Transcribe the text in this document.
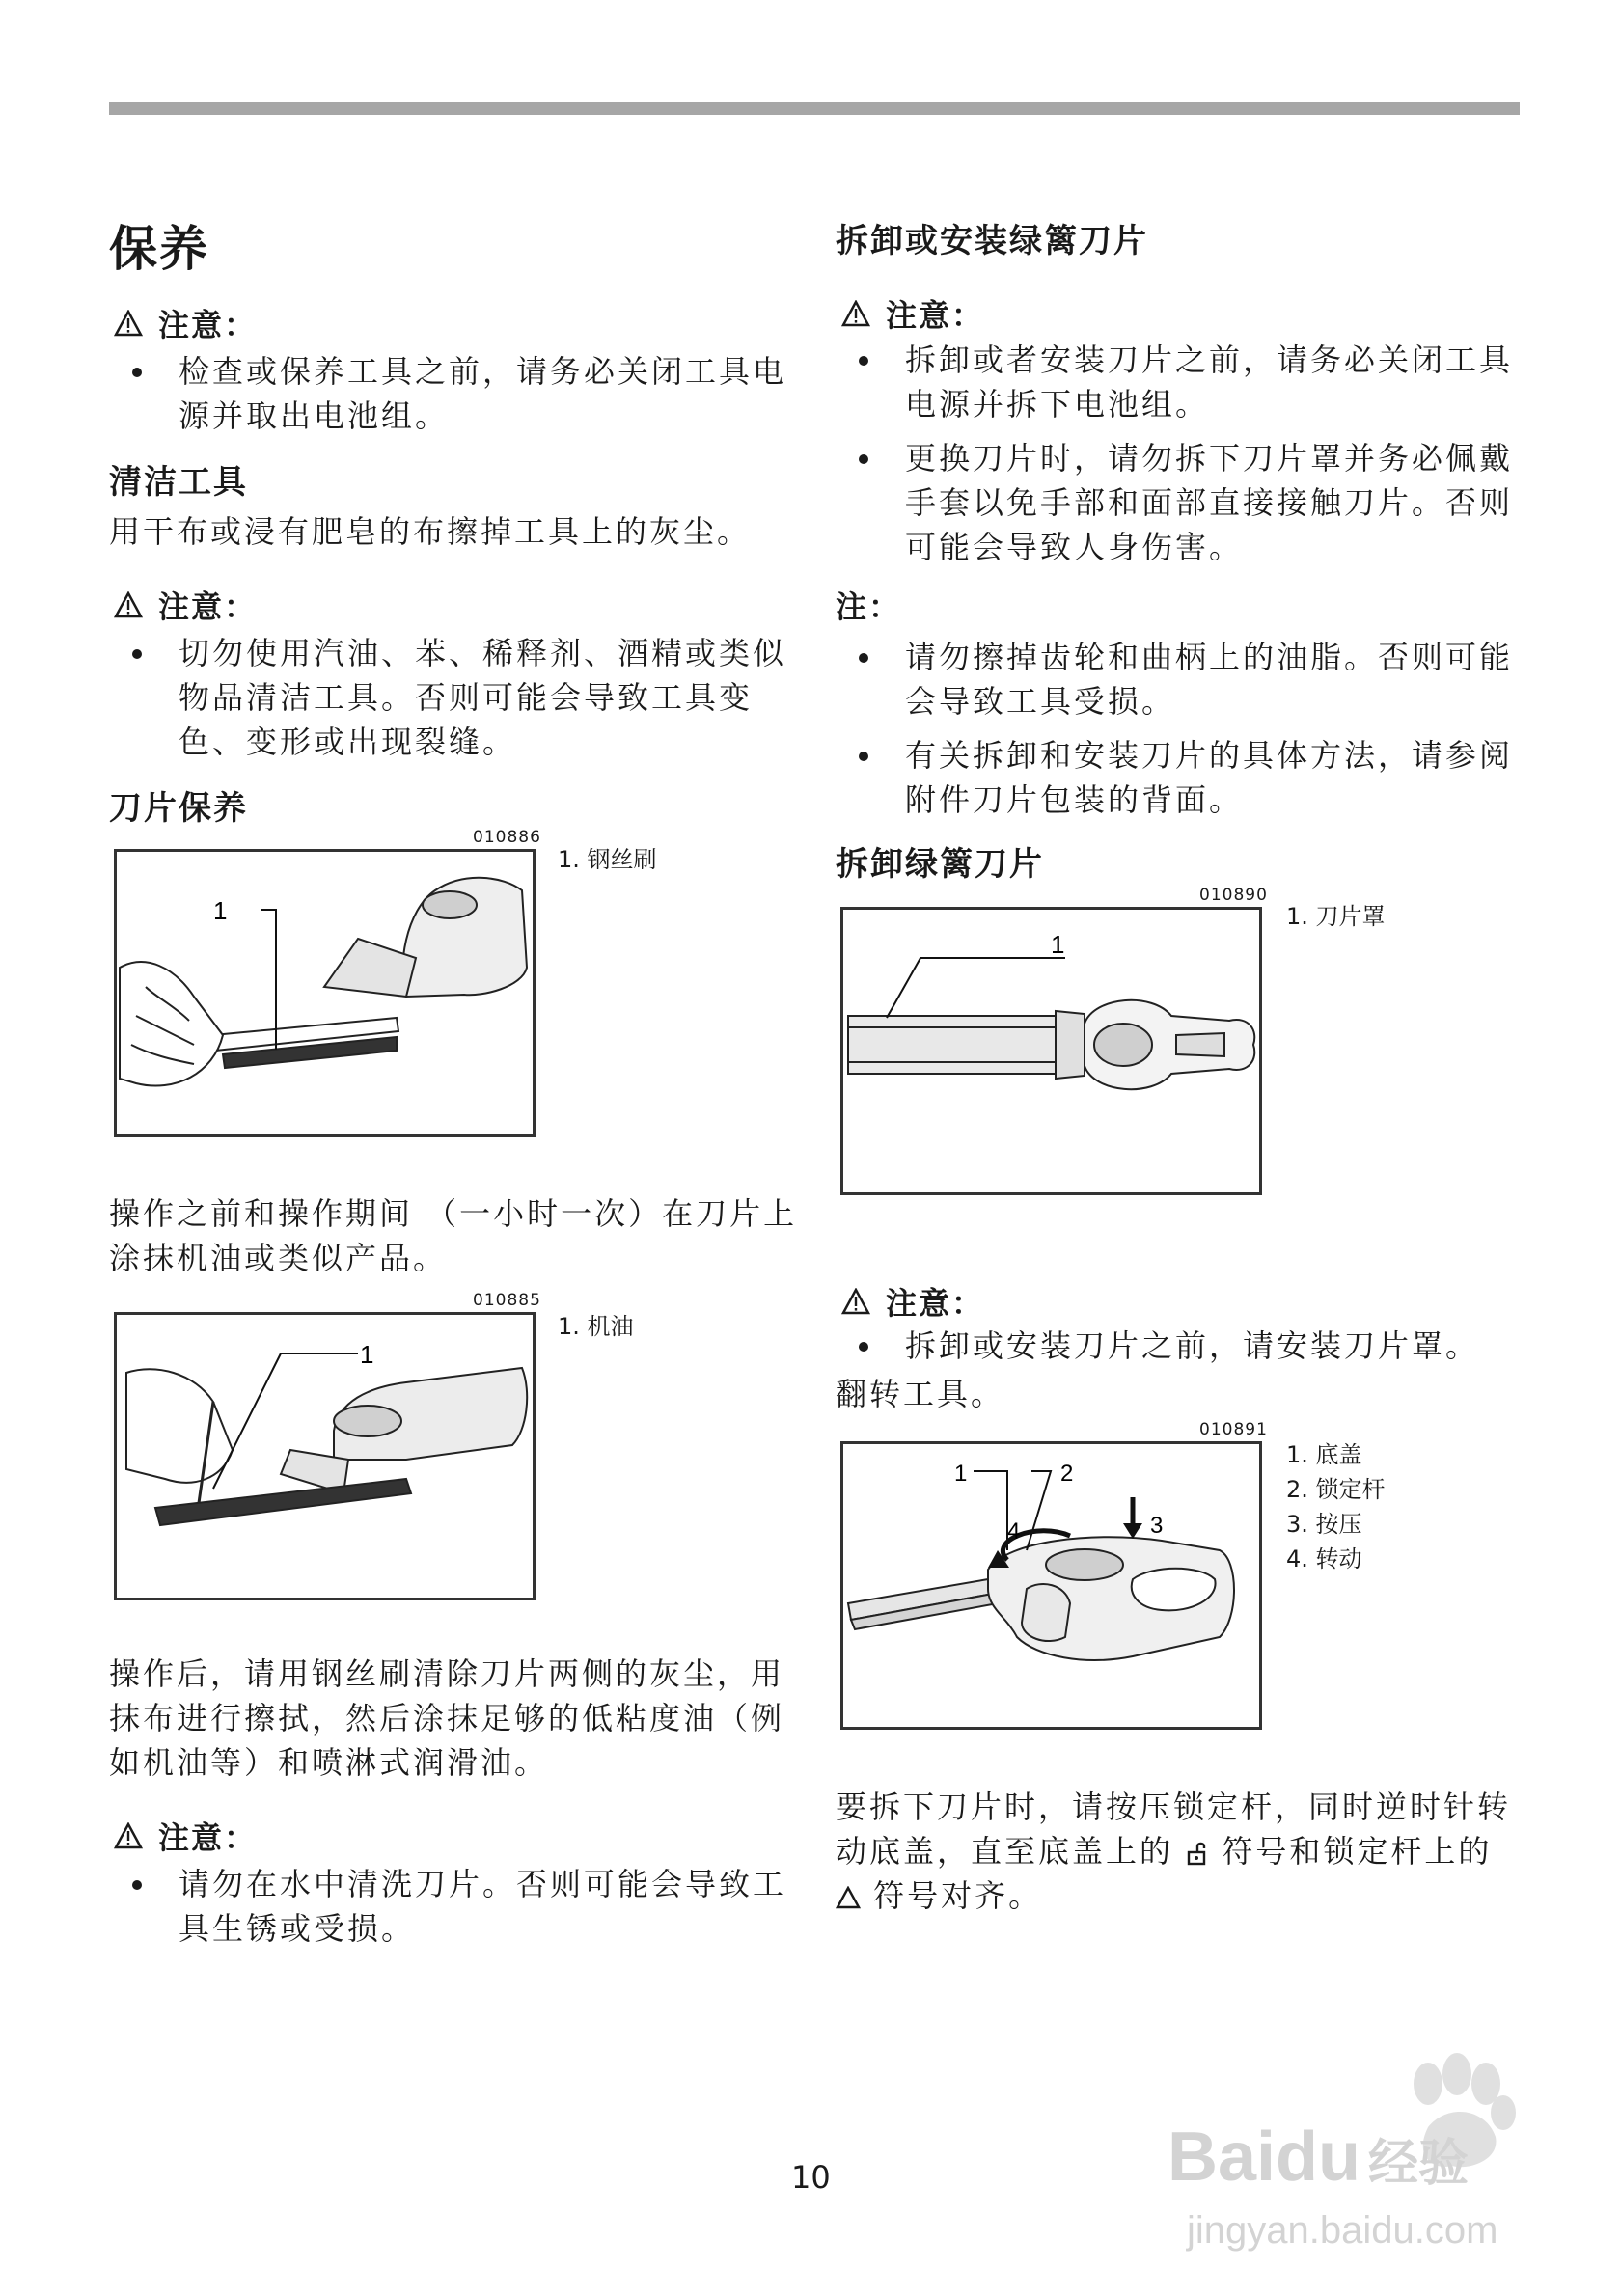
保养
注意：
检查或保养工具之前，请务必关闭工具电源并取出电池组。
清洁工具
用干布或浸有肥皂的布擦掉工具上的灰尘。
注意：
切勿使用汽油、苯、稀释剂、酒精或类似物品清洁工具。否则可能会导致工具变色、变形或出现裂缝。
刀片保养
010886
1
1. 钢丝刷
操作之前和操作期间 （一小时一次）在刀片上涂抹机油或类似产品。
010885
1
1. 机油
操作后，请用钢丝刷清除刀片两侧的灰尘，用抹布进行擦拭，然后涂抹足够的低粘度油（例如机油等）和喷淋式润滑油。
注意：
请勿在水中清洗刀片。否则可能会导致工具生锈或受损。
拆卸或安装绿篱刀片
注意：
拆卸或者安装刀片之前，请务必关闭工具电源并拆下电池组。
更换刀片时，请勿拆下刀片罩并务必佩戴手套以免手部和面部直接接触刀片。否则可能会导致人身伤害。
注：
请勿擦掉齿轮和曲柄上的油脂。否则可能会导致工具受损。
有关拆卸和安装刀片的具体方法，请参阅附件刀片包装的背面。
拆卸绿篱刀片
010890
1
1. 刀片罩
注意：
拆卸或安装刀片之前，请安装刀片罩。
翻转工具。
010891
1	2
3
4
1. 底盖
2. 锁定杆
3. 按压
4. 转动
要拆下刀片时，请按压锁定杆，同时逆时针转动底盖，直至底盖上的 符号和锁定杆上的
符号对齐。
10	Baidu 经验
jingyan.baidu.com
